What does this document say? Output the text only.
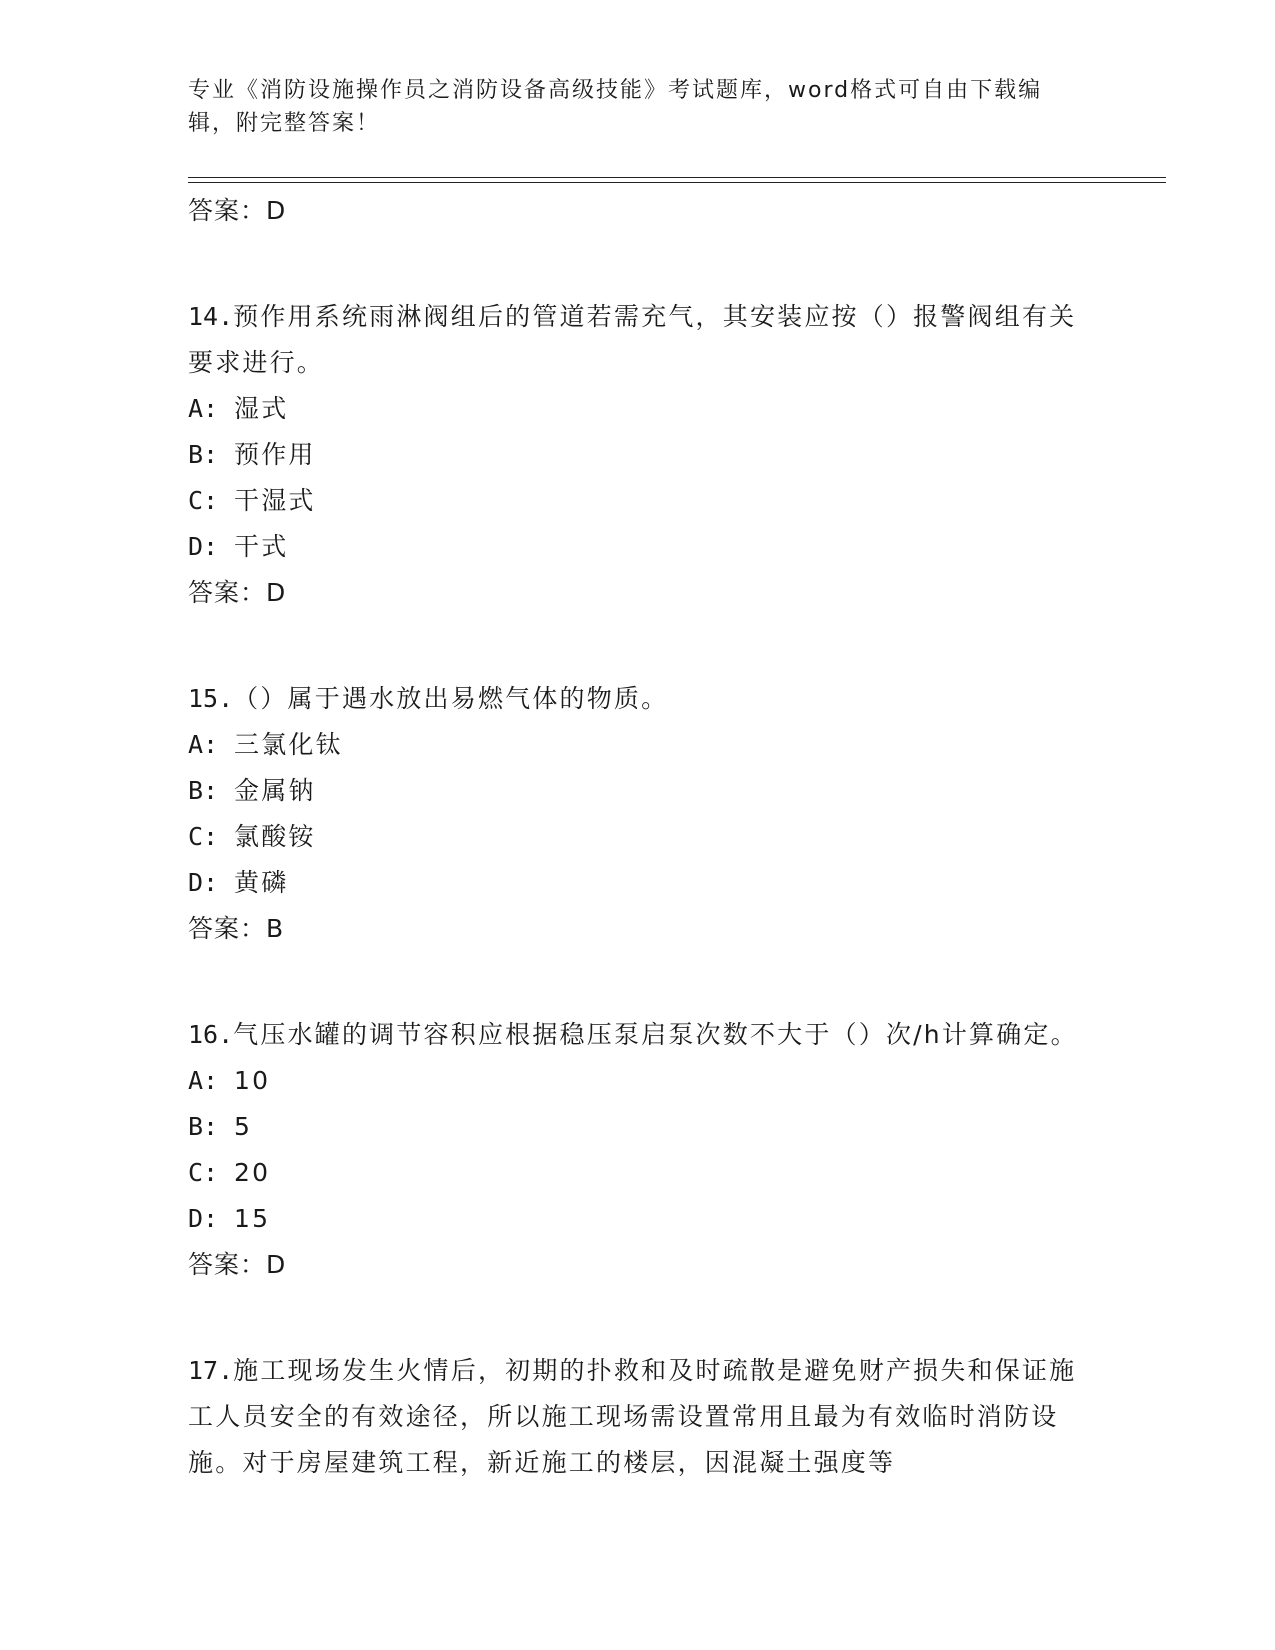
专业《消防设施操作员之消防设备高级技能》考试题库，word格式可自由下载编辑，附完整答案！
答案：D
14.预作用系统雨淋阀组后的管道若需充气，其安装应按（）报警阀组有关要求进行。
A: 湿式
B: 预作用
C: 干湿式
D: 干式
答案：D
15.（）属于遇水放出易燃气体的物质。
A: 三氯化钛
B: 金属钠
C: 氯酸铵
D: 黄磷
答案：B
16.气压水罐的调节容积应根据稳压泵启泵次数不大于（）次/h计算确定。
A: 10
B: 5
C: 20
D: 15
答案：D
17.施工现场发生火情后，初期的扑救和及时疏散是避免财产损失和保证施工人员安全的有效途径，所以施工现场需设置常用且最为有效临时消防设施。对于房屋建筑工程，新近施工的楼层，因混凝土强度等
